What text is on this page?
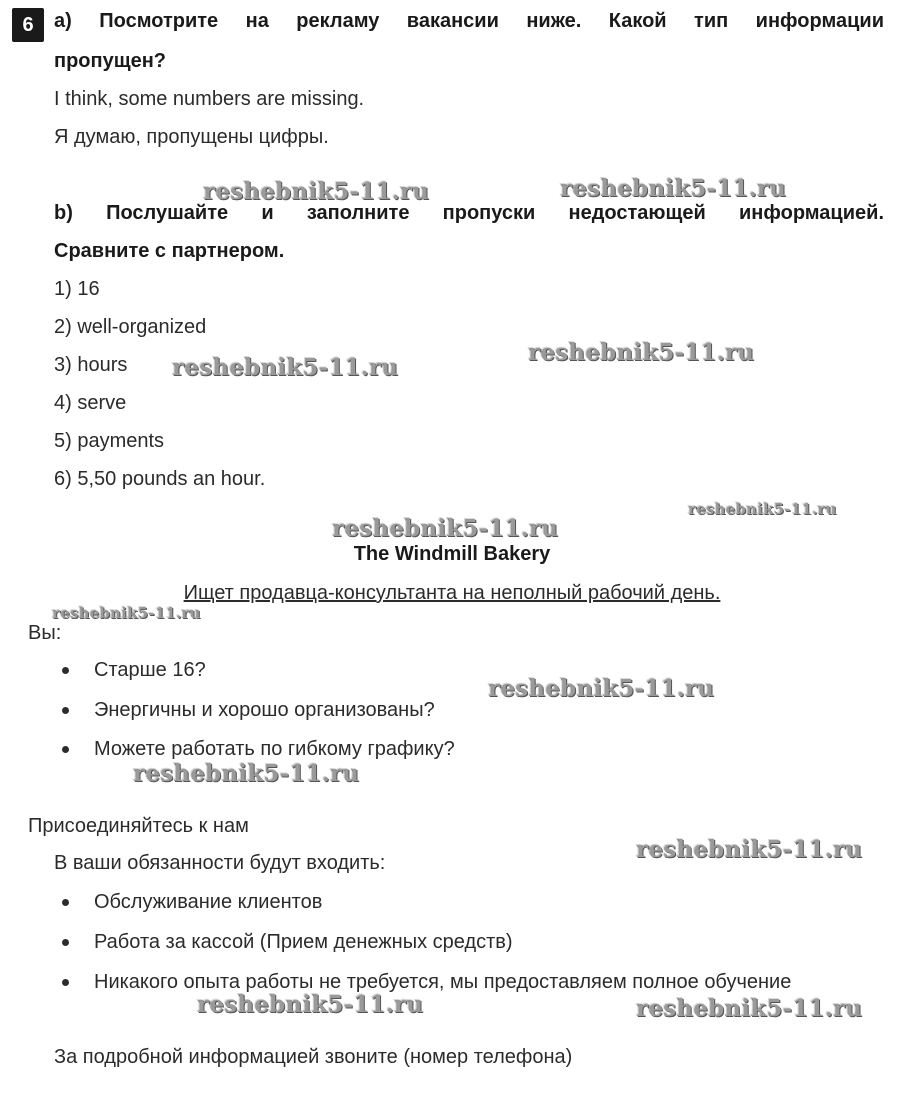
6	a) Посмотрите на рекламу вакансии ниже. Какой тип информации
пропущен?
I think, some numbers are missing.
Я думаю, пропущены цифры.
b) Послушайте и заполните пропуски недостающей информацией.
Сравните с партнером.
1) 16
2) well-organized
3) hours
4) serve
5) payments
6) 5,50 pounds an hour.
The Windmill Bakery
Ищет продавца-консультанта на неполный рабочий день.
Вы:
Старше 16?
Энергичны и хорошо организованы?
Можете работать по гибкому графику?
Присоединяйтесь к нам
В ваши обязанности будут входить:
Обслуживание клиентов
Работа за кассой (Прием денежных средств)
Никакого опыта работы не требуется, мы предоставляем полное обучение
За подробной информацией звоните (номер телефона)
reshebnik5-11.ru	reshebnik5-11.ru
reshebnik5-11.ru
reshebnik5-11.ru
reshebnik5-11.ru
reshebnik5-11.ru
reshebnik5-11.ru
reshebnik5-11.ru
reshebnik5-11.ru
reshebnik5-11.ru
reshebnik5-11.ru	reshebnik5-11.ru
